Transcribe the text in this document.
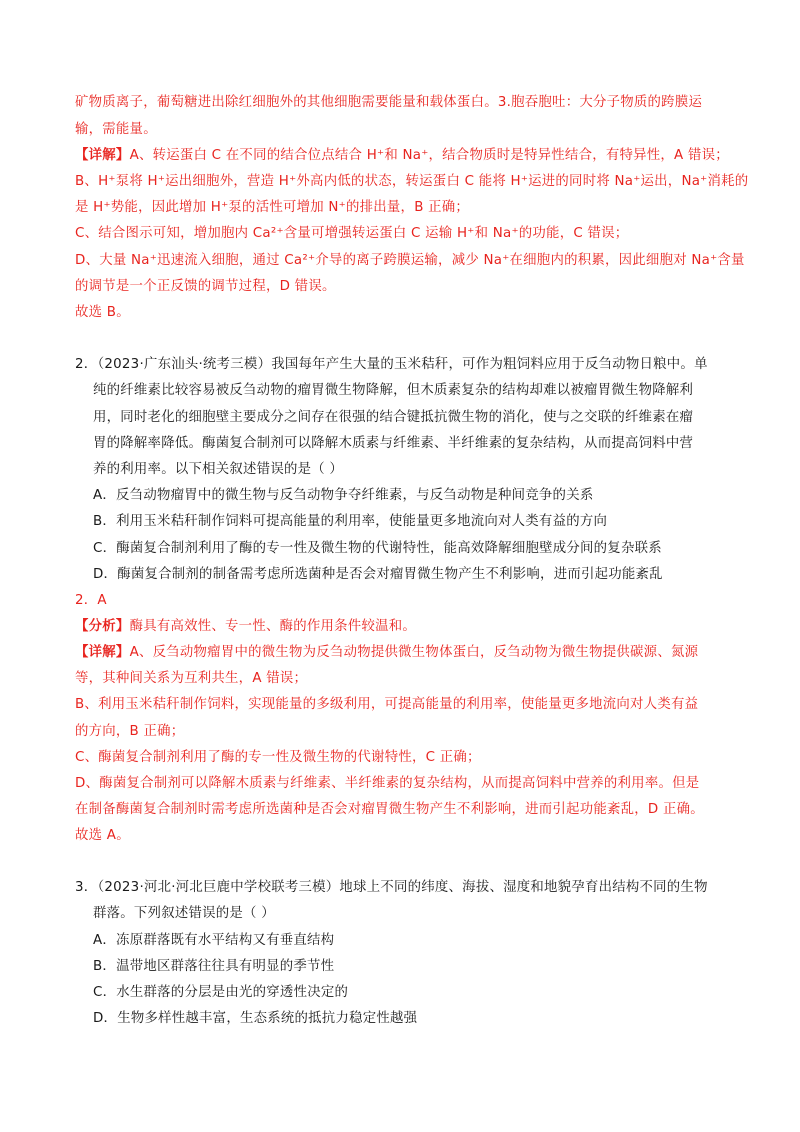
矿物质离子，葡萄糖进出除红细胞外的其他细胞需要能量和载体蛋白。3.胞吞胞吐：大分子物质的跨膜运
输，需能量。
【详解】A、转运蛋白 C 在不同的结合位点结合 H⁺和 Na⁺，结合物质时是特异性结合，有特异性，A 错误；
B、H⁺泵将 H⁺运出细胞外，营造 H⁺外高内低的状态，转运蛋白 C 能将 H⁺运进的同时将 Na⁺运出，Na⁺消耗的
是 H⁺势能，因此增加 H⁺泵的活性可增加 N⁺的排出量，B 正确；
C、结合图示可知，增加胞内 Ca²⁺含量可增强转运蛋白 C 运输 H⁺和 Na⁺的功能，C 错误；
D、大量 Na⁺迅速流入细胞，通过 Ca²⁺介导的离子跨膜运输，减少 Na⁺在细胞内的积累，因此细胞对 Na⁺含量
的调节是一个正反馈的调节过程，D 错误。
故选 B。
2．（2023·广东汕头·统考三模）我国每年产生大量的玉米秸秆，可作为粗饲料应用于反刍动物日粮中。单
纯的纤维素比较容易被反刍动物的瘤胃微生物降解，但木质素复杂的结构却难以被瘤胃微生物降解利
用，同时老化的细胞壁主要成分之间存在很强的结合键抵抗微生物的消化，使与之交联的纤维素在瘤
胃的降解率降低。酶菌复合制剂可以降解木质素与纤维素、半纤维素的复杂结构，从而提高饲料中营
养的利用率。以下相关叙述错误的是（ ）
A．反刍动物瘤胃中的微生物与反刍动物争夺纤维素，与反刍动物是种间竞争的关系
B．利用玉米秸秆制作饲料可提高能量的利用率，使能量更多地流向对人类有益的方向
C．酶菌复合制剂利用了酶的专一性及微生物的代谢特性，能高效降解细胞壁成分间的复杂联系
D．酶菌复合制剂的制备需考虑所选菌种是否会对瘤胃微生物产生不利影响，进而引起功能紊乱
2．A
【分析】酶具有高效性、专一性、酶的作用条件较温和。
【详解】A、反刍动物瘤胃中的微生物为反刍动物提供微生物体蛋白，反刍动物为微生物提供碳源、氮源
等，其种间关系为互利共生，A 错误；
B、利用玉米秸秆制作饲料，实现能量的多级利用，可提高能量的利用率，使能量更多地流向对人类有益
的方向，B 正确；
C、酶菌复合制剂利用了酶的专一性及微生物的代谢特性，C 正确；
D、酶菌复合制剂可以降解木质素与纤维素、半纤维素的复杂结构，从而提高饲料中营养的利用率。但是
在制备酶菌复合制剂时需考虑所选菌种是否会对瘤胃微生物产生不利影响，进而引起功能紊乱，D 正确。
故选 A。
3．（2023·河北·河北巨鹿中学校联考三模）地球上不同的纬度、海拔、湿度和地貌孕育出结构不同的生物
群落。下列叙述错误的是（ ）
A．冻原群落既有水平结构又有垂直结构
B．温带地区群落往往具有明显的季节性
C．水生群落的分层是由光的穿透性决定的
D．生物多样性越丰富，生态系统的抵抗力稳定性越强
